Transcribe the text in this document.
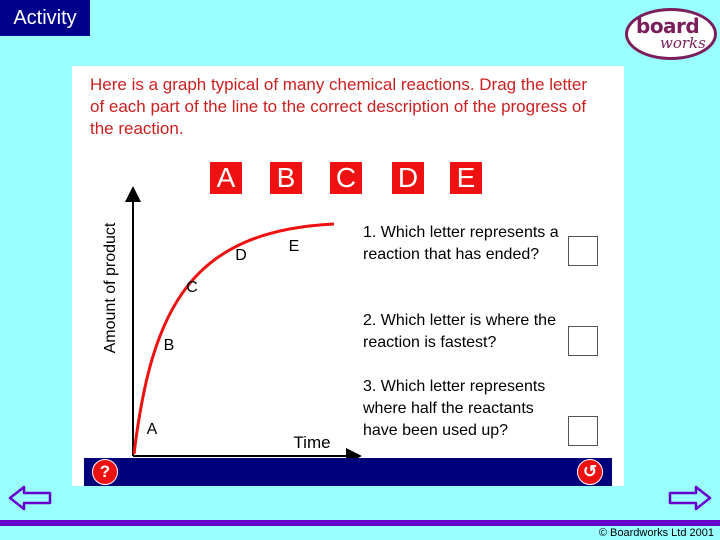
Activity	board
works

Here is a graph typical of many chemical reactions. Drag the letter of each part of the line to the correct description of the progress of the reaction.

A B C D E
Amount of product
Time
A
B
C
D
E

1. Which letter represents a reaction that has ended?

2. Which letter is where the reaction is fastest?

3. Which letter represents where half the reactants have been used up?

?	↺
© Boardworks Ltd 2001
